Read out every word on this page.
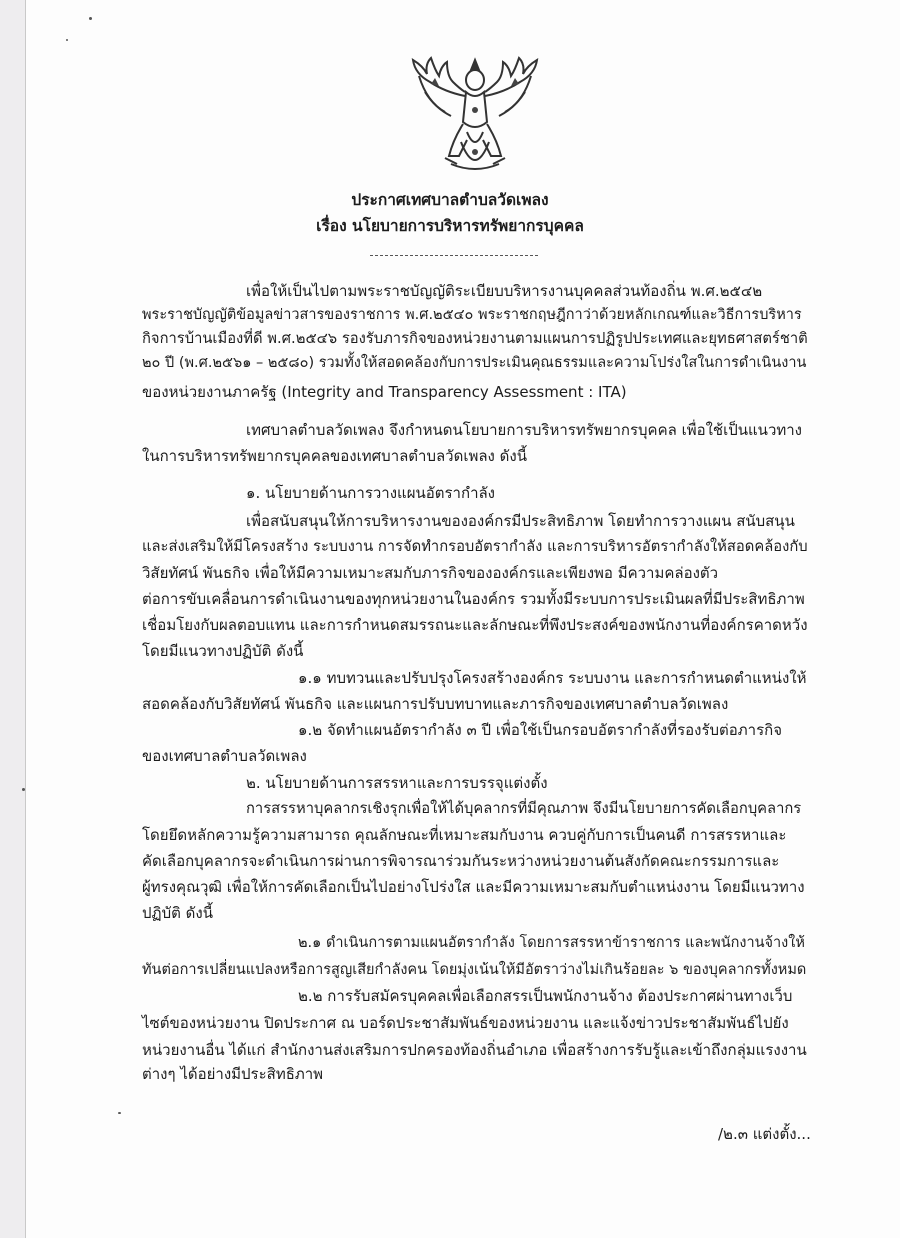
ประกาศเทศบาลตำบลวัดเพลง
เรื่อง นโยบายการบริหารทรัพยากรบุคคล
เพื่อให้เป็นไปตามพระราชบัญญัติระเบียบบริหารงานบุคคลส่วนท้องถิ่น พ.ศ.๒๕๔๒
พระราชบัญญัติข้อมูลข่าวสารของราชการ พ.ศ.๒๕๔๐ พระราชกฤษฎีกาว่าด้วยหลักเกณฑ์และวิธีการบริหาร
กิจการบ้านเมืองที่ดี พ.ศ.๒๕๔๖ รองรับภารกิจของหน่วยงานตามแผนการปฏิรูปประเทศและยุทธศาสตร์ชาติ
๒๐ ปี (พ.ศ.๒๕๖๑ – ๒๕๘๐) รวมทั้งให้สอดคล้องกับการประเมินคุณธรรมและความโปร่งใสในการดำเนินงาน
ของหน่วยงานภาครัฐ (Integrity and Transparency Assessment : ITA)
เทศบาลตำบลวัดเพลง จึงกำหนดนโยบายการบริหารทรัพยากรบุคคล เพื่อใช้เป็นแนวทาง
ในการบริหารทรัพยากรบุคคลของเทศบาลตำบลวัดเพลง ดังนี้
๑. นโยบายด้านการวางแผนอัตรากำลัง
เพื่อสนับสนุนให้การบริหารงานขององค์กรมีประสิทธิภาพ โดยทำการวางแผน สนับสนุน
และส่งเสริมให้มีโครงสร้าง ระบบงาน การจัดทำกรอบอัตรากำลัง และการบริหารอัตรากำลังให้สอดคล้องกับ
วิสัยทัศน์ พันธกิจ เพื่อให้มีความเหมาะสมกับภารกิจขององค์กรและเพียงพอ มีความคล่องตัว
ต่อการขับเคลื่อนการดำเนินงานของทุกหน่วยงานในองค์กร รวมทั้งมีระบบการประเมินผลที่มีประสิทธิภาพ
เชื่อมโยงกับผลตอบแทน และการกำหนดสมรรถนะและลักษณะที่พึงประสงค์ของพนักงานที่องค์กรคาดหวัง
โดยมีแนวทางปฏิบัติ ดังนี้
๑.๑ ทบทวนและปรับปรุงโครงสร้างองค์กร ระบบงาน และการกำหนดตำแหน่งให้
สอดคล้องกับวิสัยทัศน์ พันธกิจ และแผนการปรับบทบาทและภารกิจของเทศบาลตำบลวัดเพลง
๑.๒ จัดทำแผนอัตรากำลัง ๓ ปี เพื่อใช้เป็นกรอบอัตรากำลังที่รองรับต่อภารกิจ
ของเทศบาลตำบลวัดเพลง
๒. นโยบายด้านการสรรหาและการบรรจุแต่งตั้ง
การสรรหาบุคลากรเชิงรุกเพื่อให้ได้บุคลากรที่มีคุณภาพ จึงมีนโยบายการคัดเลือกบุคลากร
โดยยึดหลักความรู้ความสามารถ คุณลักษณะที่เหมาะสมกับงาน ควบคู่กับการเป็นคนดี การสรรหาและ
คัดเลือกบุคลากรจะดำเนินการผ่านการพิจารณาร่วมกันระหว่างหน่วยงานต้นสังกัดคณะกรรมการและ
ผู้ทรงคุณวุฒิ เพื่อให้การคัดเลือกเป็นไปอย่างโปร่งใส และมีความเหมาะสมกับตำแหน่งงาน โดยมีแนวทาง
ปฏิบัติ ดังนี้
๒.๑ ดำเนินการตามแผนอัตรากำลัง โดยการสรรหาข้าราชการ และพนักงานจ้างให้
ทันต่อการเปลี่ยนแปลงหรือการสูญเสียกำลังคน โดยมุ่งเน้นให้มีอัตราว่างไม่เกินร้อยละ ๖ ของบุคลากรทั้งหมด
๒.๒ การรับสมัครบุคคลเพื่อเลือกสรรเป็นพนักงานจ้าง ต้องประกาศผ่านทางเว็บ
ไซต์ของหน่วยงาน ปิดประกาศ ณ บอร์ดประชาสัมพันธ์ของหน่วยงาน และแจ้งข่าวประชาสัมพันธ์ไปยัง
หน่วยงานอื่น ได้แก่ สำนักงานส่งเสริมการปกครองท้องถิ่นอำเภอ เพื่อสร้างการรับรู้และเข้าถึงกลุ่มแรงงาน
ต่างๆ ได้อย่างมีประสิทธิภาพ
/๒.๓ แต่งตั้ง...
